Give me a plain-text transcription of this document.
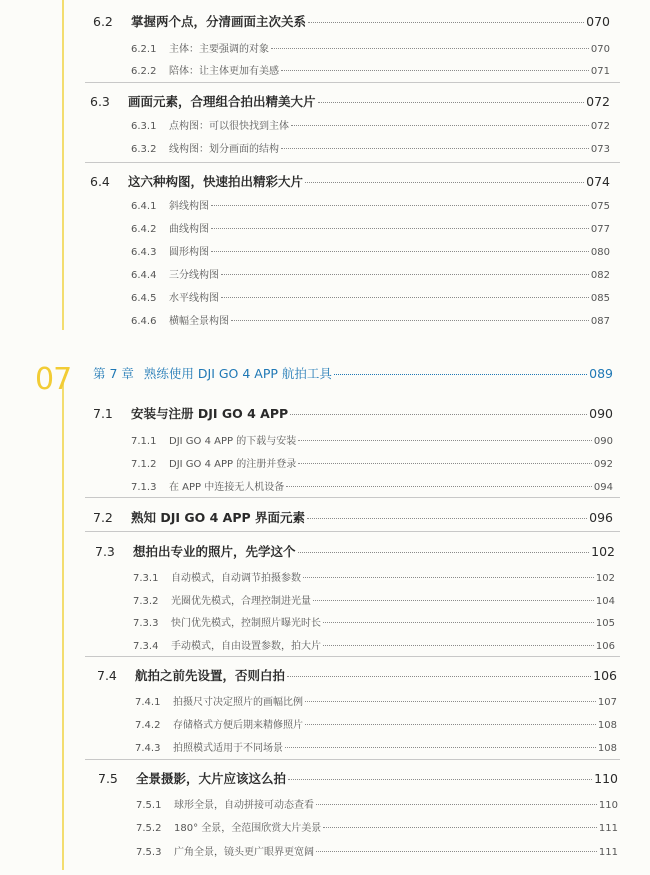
07 第 7 章 熟练使用 DJI GO 4 APP 航拍工具	089
6.2	掌握两个点，分清画面主次关系	070
6.2.1	主体：主要强调的对象	070
6.2.2	陪体：让主体更加有美感	071
6.3	画面元素，合理组合拍出精美大片	072
6.3.1	点构图：可以很快找到主体	072
6.3.2	线构图：划分画面的结构	073
6.4	这六种构图，快速拍出精彩大片	074
6.4.1	斜线构图	075
6.4.2	曲线构图	077
6.4.3	圆形构图	080
6.4.4	三分线构图	082
6.4.5	水平线构图	085
6.4.6	横幅全景构图	087
7.1	安装与注册 DJI GO 4 APP	090
7.1.1	DJI GO 4 APP 的下载与安装	090
7.1.2	DJI GO 4 APP 的注册并登录	092
7.1.3	在 APP 中连接无人机设备	094
7.2	熟知 DJI GO 4 APP 界面元素	096
7.3	想拍出专业的照片，先学这个	102
7.3.1	自动模式，自动调节拍摄参数	102
7.3.2	光圈优先模式，合理控制进光量	104
7.3.3	快门优先模式，控制照片曝光时长	105
7.3.4	手动模式，自由设置参数，拍大片	106
7.4	航拍之前先设置，否则白拍	106
7.4.1	拍摄尺寸决定照片的画幅比例	107
7.4.2	存储格式方便后期来精修照片	108
7.4.3	拍照模式适用于不同场景	108
7.5	全景摄影，大片应该这么拍	110
7.5.1	球形全景，自动拼接可动态查看	110
7.5.2	180° 全景，全范围欣赏大片美景	111
7.5.3	广角全景，镜头更广眼界更宽阔	111
